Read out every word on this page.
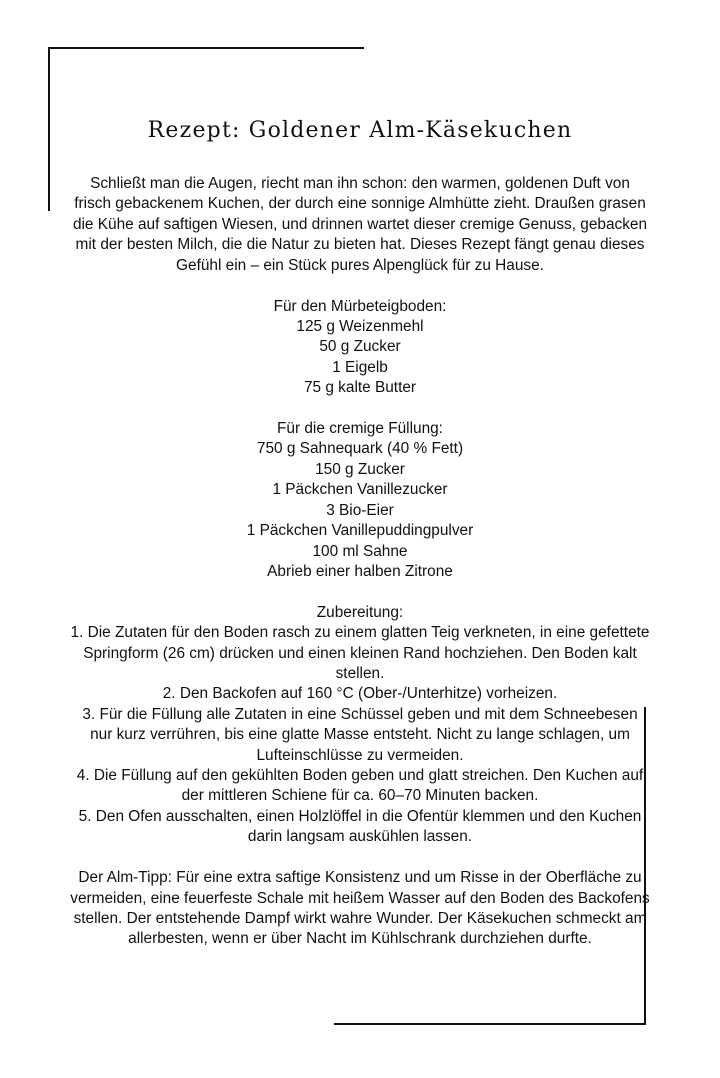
Rezept: Goldener Alm-Käsekuchen

Schließt man die Augen, riecht man ihn schon: den warmen, goldenen Duft von frisch gebackenem Kuchen, der durch eine sonnige Almhütte zieht. Draußen grasen die Kühe auf saftigen Wiesen, und drinnen wartet dieser cremige Genuss, gebacken mit der besten Milch, die die Natur zu bieten hat. Dieses Rezept fängt genau dieses Gefühl ein – ein Stück pures Alpenglück für zu Hause.

Für den Mürbeteigboden:
125 g Weizenmehl
50 g Zucker
1 Eigelb
75 g kalte Butter
Für die cremige Füllung:
750 g Sahnequark (40 % Fett)
150 g Zucker
1 Päckchen Vanillezucker
3 Bio-Eier
1 Päckchen Vanillepuddingpulver
100 ml Sahne
Abrieb einer halben Zitrone
Zubereitung:
1. Die Zutaten für den Boden rasch zu einem glatten Teig verkneten, in eine gefettete Springform (26 cm) drücken und einen kleinen Rand hochziehen. Den Boden kalt stellen.
2. Den Backofen auf 160 °C (Ober-/Unterhitze) vorheizen.
3. Für die Füllung alle Zutaten in eine Schüssel geben und mit dem Schneebesen nur kurz verrühren, bis eine glatte Masse entsteht. Nicht zu lange schlagen, um Lufteinschlüsse zu vermeiden.
4. Die Füllung auf den gekühlten Boden geben und glatt streichen. Den Kuchen auf der mittleren Schiene für ca. 60–70 Minuten backen.
5. Den Ofen ausschalten, einen Holzlöffel in die Ofentür klemmen und den Kuchen darin langsam auskühlen lassen.

Der Alm-Tipp: Für eine extra saftige Konsistenz und um Risse in der Oberfläche zu vermeiden, eine feuerfeste Schale mit heißem Wasser auf den Boden des Backofens stellen. Der entstehende Dampf wirkt wahre Wunder. Der Käsekuchen schmeckt am allerbesten, wenn er über Nacht im Kühlschrank durchziehen durfte.
